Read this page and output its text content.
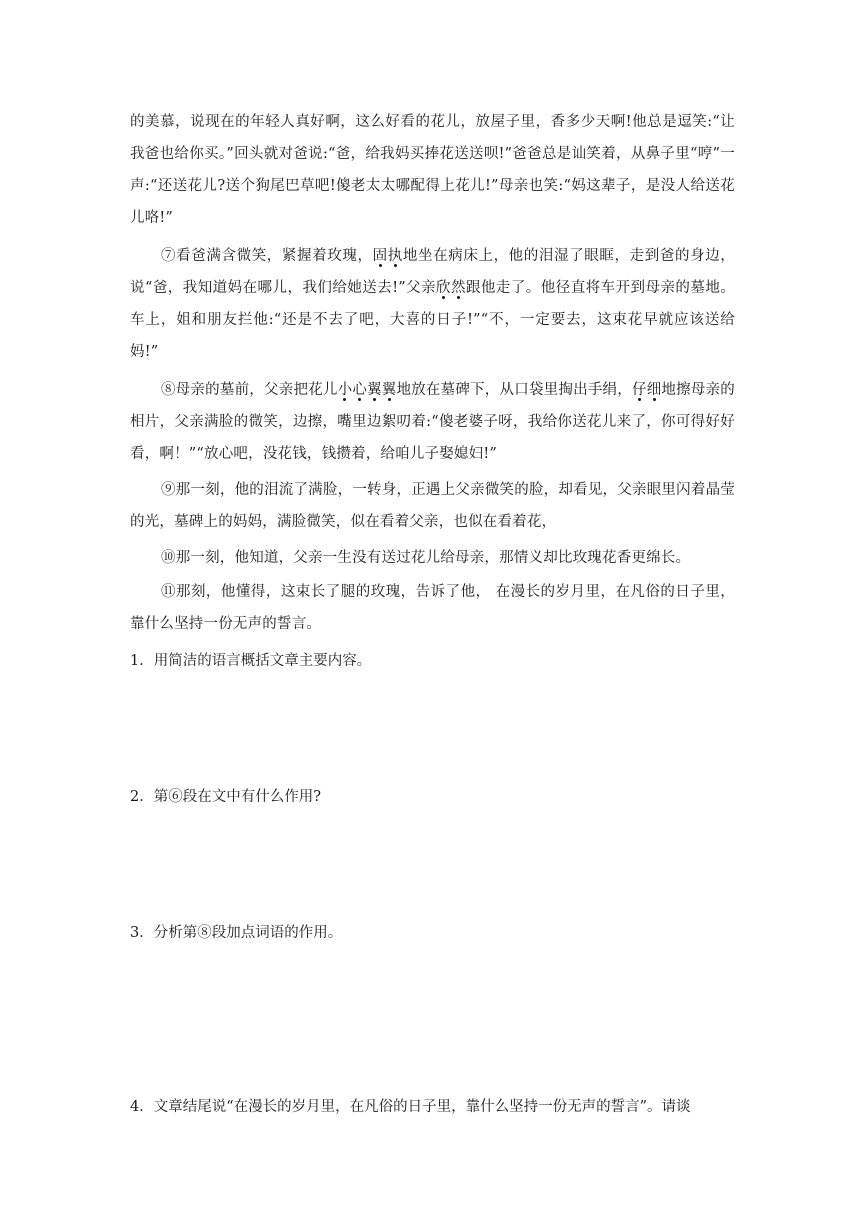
的美慕，说现在的年轻人真好啊，这么好看的花儿，放屋子里，香多少天啊!他总是逗笑:“让我爸也给你买。”回头就对爸说:“爸，给我妈买捧花送送呗!”爸爸总是讪笑着，从鼻子里“哼”一声:“还送花儿?送个狗尾巴草吧!傻老太太哪配得上花儿!”母亲也笑:“妈这辈子，是没人给送花儿咯!”

⑦看爸满含微笑，紧握着玫瑰，固执地坐在病床上，他的泪湿了眼眶，走到爸的身边，说“爸，我知道妈在哪儿，我们给她送去!”父亲欣然跟他走了。他径直将车开到母亲的墓地。车上，姐和朋友拦他:“还是不去了吧，大喜的日子!”“不，一定要去，这束花早就应该送给妈!”

⑧母亲的墓前，父亲把花儿小心翼翼地放在墓碑下，从口袋里掏出手绢，仔细地擦母亲的相片，父亲满脸的微笑，边擦，嘴里边絮叨着:“傻老婆子呀，我给你送花儿来了，你可得好好看，啊！”“放心吧，没花钱，钱攒着，给咱儿子娶媳妇!”

⑨那一刻，他的泪流了满脸，一转身，正遇上父亲微笑的脸，却看见，父亲眼里闪着晶莹的光，墓碑上的妈妈，满脸微笑，似在看着父亲，也似在看着花，

⑩那一刻，他知道，父亲一生没有送过花儿给母亲，那情义却比玫瑰花香更绵长。

⑪那刻，他懂得，这束长了腿的玫瑰，告诉了他， 在漫长的岁月里，在凡俗的日子里，靠什么坚持一份无声的誓言。

1．用简洁的语言概括文章主要内容。

2．第⑥段在文中有什么作用?

3．分析第⑧段加点词语的作用。

4．文章结尾说“在漫长的岁月里，在凡俗的日子里，靠什么坚持一份无声的誓言”。请谈
